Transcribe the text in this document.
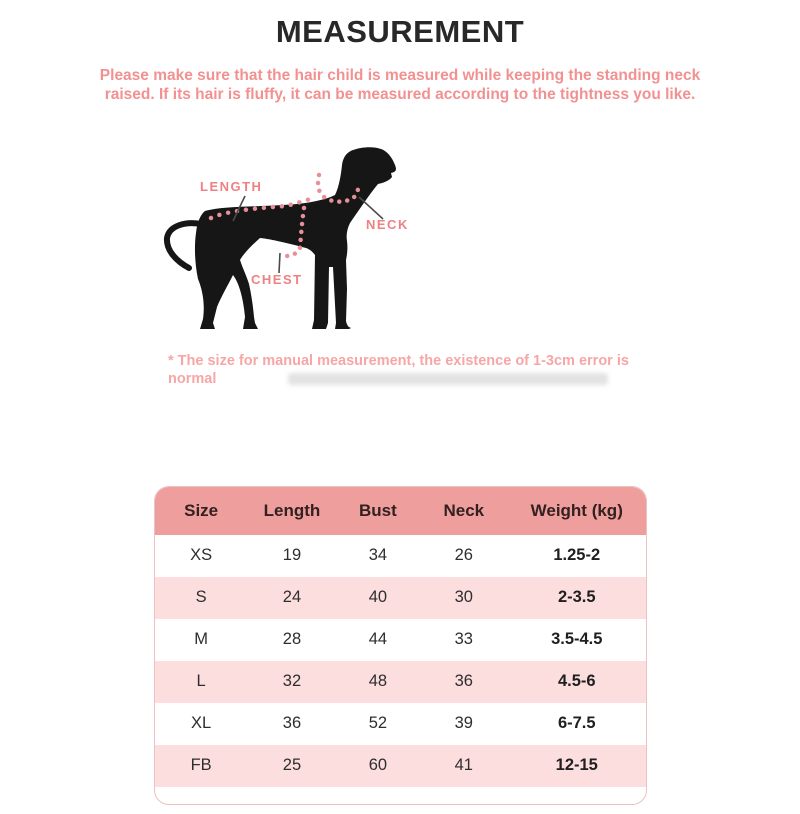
MEASUREMENT

Please make sure that the hair child is measured while keeping the standing neck raised. If its hair is fluffy, it can be measured according to the tightness you like.

LENGTH
NECK
CHEST

* The size for manual measurement, the existence of 1-3cm error is normal

Size	Length	Bust	Neck	Weight (kg)
XS	19	34	26	1.25-2
S	24	40	30	2-3.5
M	28	44	33	3.5-4.5
L	32	48	36	4.5-6
XL	36	52	39	6-7.5
FB	25	60	41	12-15
